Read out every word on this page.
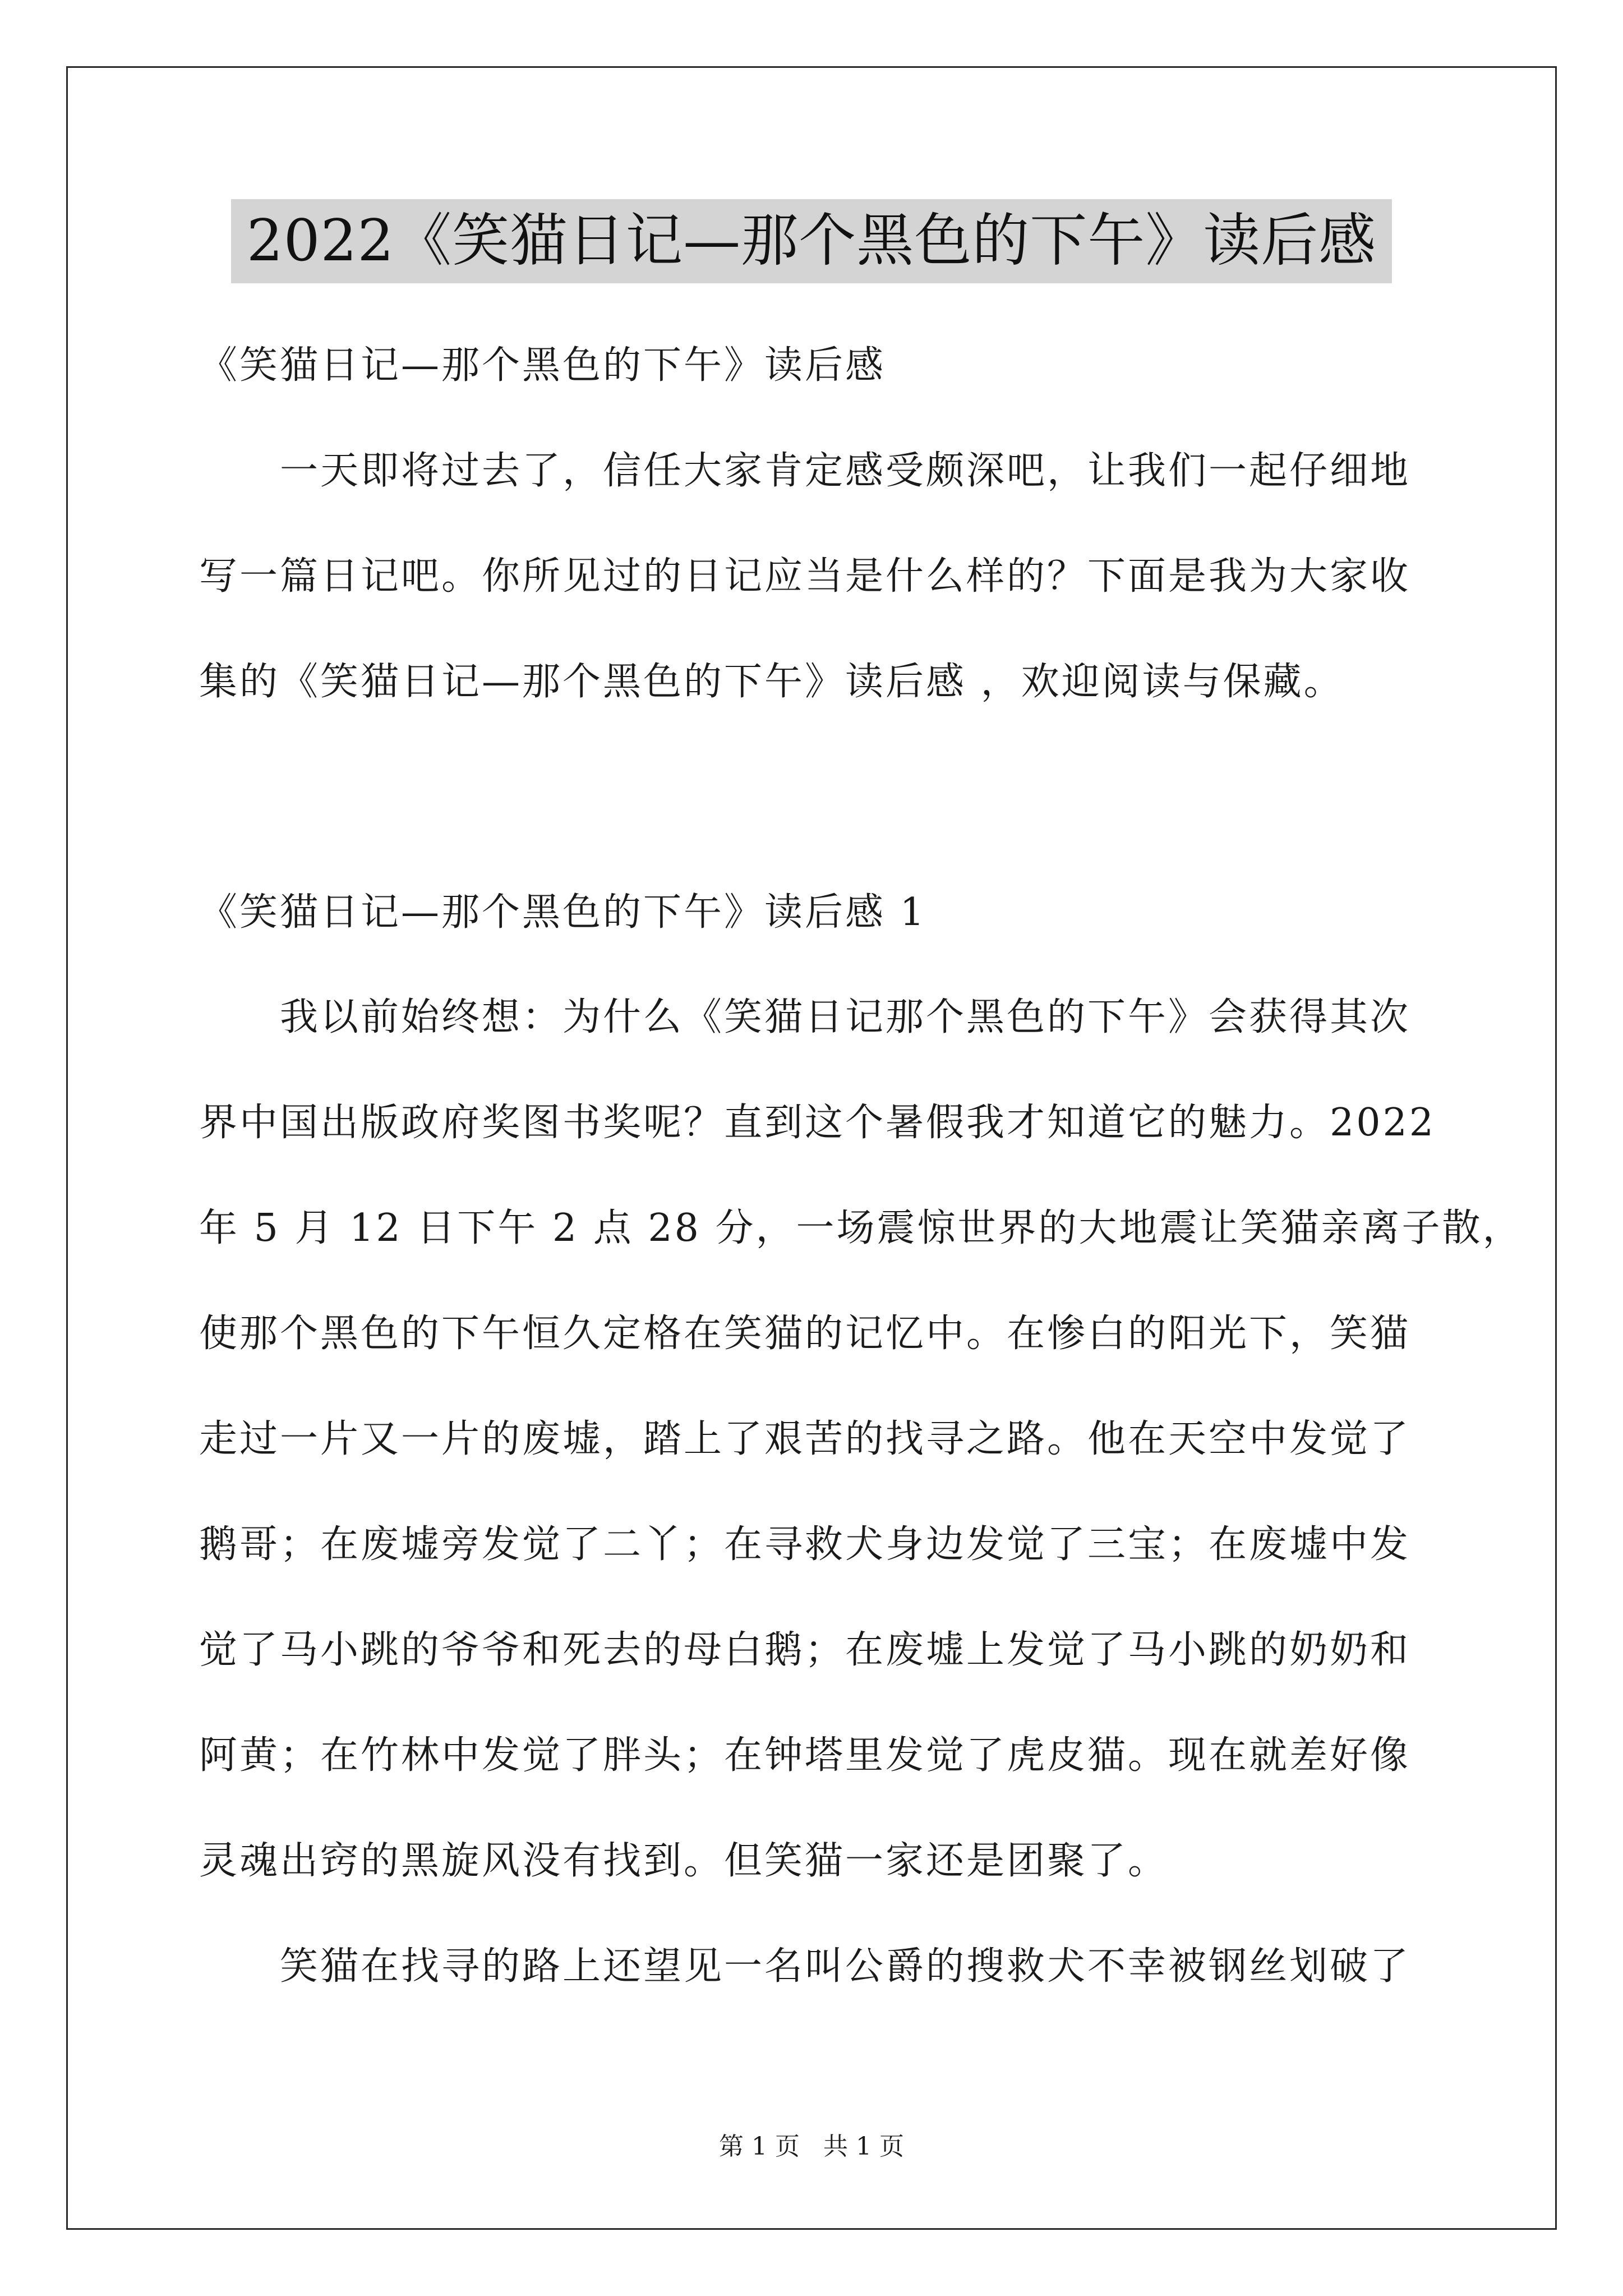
2022《笑猫日记—那个黑色的下午》读后感
《笑猫日记—那个黑色的下午》读后感
　　一天即将过去了，信任大家肯定感受颇深吧，让我们一起仔细地
写一篇日记吧。你所见过的日记应当是什么样的？下面是我为大家收
集的《笑猫日记—那个黑色的下午》读后感 ，欢迎阅读与保藏。
《笑猫日记—那个黑色的下午》读后感 1
　　我以前始终想：为什么《笑猫日记那个黑色的下午》会获得其次
界中国出版政府奖图书奖呢？直到这个暑假我才知道它的魅力。2022
年 5 月 12 日下午 2 点 28 分，一场震惊世界的大地震让笑猫亲离子散，
使那个黑色的下午恒久定格在笑猫的记忆中。在惨白的阳光下，笑猫
走过一片又一片的废墟，踏上了艰苦的找寻之路。他在天空中发觉了
鹅哥；在废墟旁发觉了二丫；在寻救犬身边发觉了三宝；在废墟中发
觉了马小跳的爷爷和死去的母白鹅；在废墟上发觉了马小跳的奶奶和
阿黄；在竹林中发觉了胖头；在钟塔里发觉了虎皮猫。现在就差好像
灵魂出窍的黑旋风没有找到。但笑猫一家还是团聚了。
　　笑猫在找寻的路上还望见一名叫公爵的搜救犬不幸被钢丝划破了
第 1 页 共 1 页
